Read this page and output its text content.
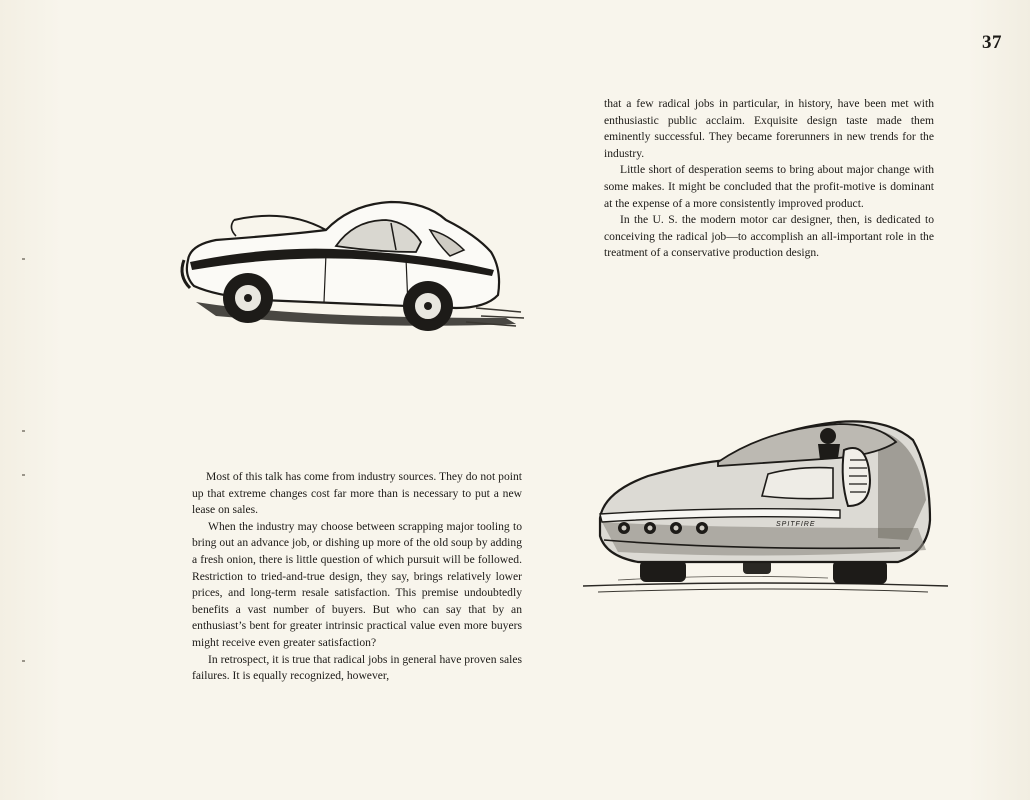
37

that a few radical jobs in particular, in history, have been met with enthusiastic public acclaim. Exquisite design taste made them eminently successful. They became forerunners in new trends for the industry.

Little short of desperation seems to bring about major change with some makes. It might be concluded that the profit-motive is dominant at the expense of a more consistently improved product.

In the U. S. the modern motor car designer, then, is dedicated to conceiving the radical job—to accomplish an all-important role in the treatment of a conservative production design.

Most of this talk has come from industry sources. They do not point up that extreme changes cost far more than is necessary to put a new lease on sales.

When the industry may choose between scrapping major tooling to bring out an advance job, or dishing up more of the old soup by adding a fresh onion, there is little question of which pursuit will be followed. Restriction to tried-and-true design, they say, brings relatively lower prices, and long-term resale satisfaction. This premise undoubtedly benefits a vast number of buyers. But who can say that by an enthusiast’s bent for greater intrinsic practical value even more buyers might receive even greater satisfaction?

In retrospect, it is true that radical jobs in general have proven sales failures. It is equally recognized, however,

SPITFIRE
